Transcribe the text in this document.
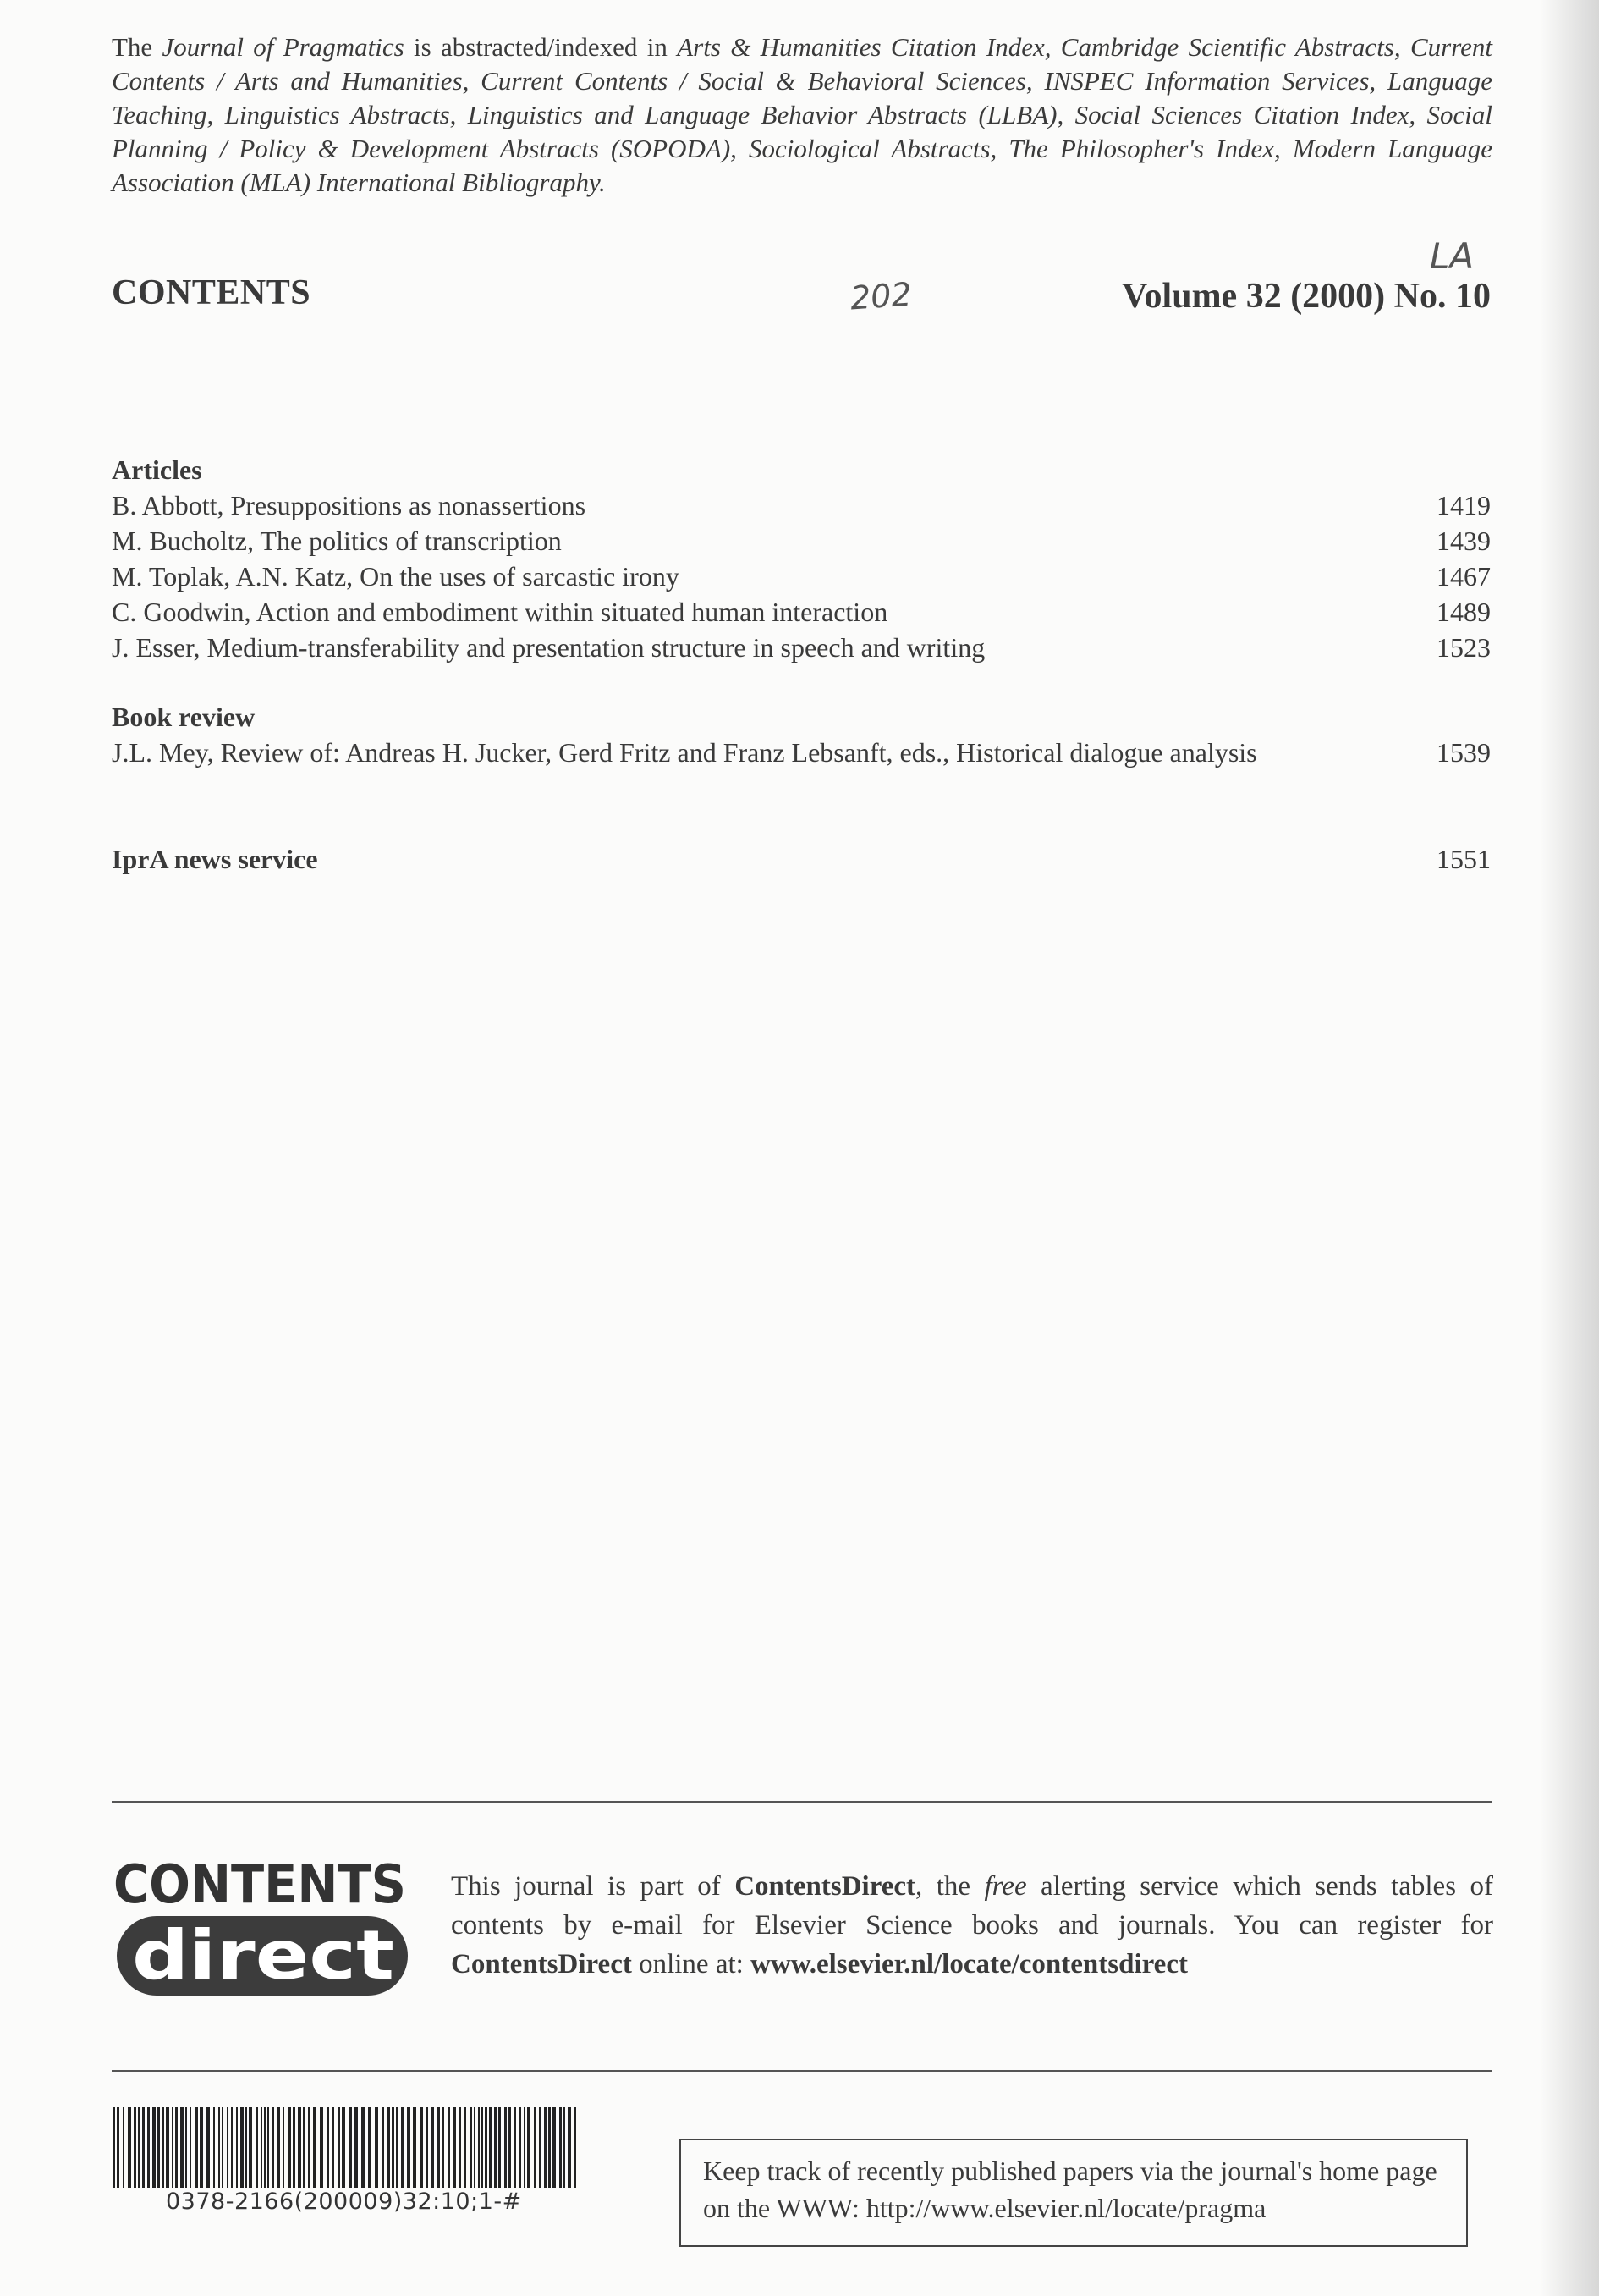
The Journal of Pragmatics is abstracted/indexed in Arts & Humanities Citation Index, Cambridge Scientific Abstracts, Current Contents / Arts and Humanities, Current Contents / Social & Behavioral Sciences, INSPEC Information Services, Language Teaching, Linguistics Abstracts, Linguistics and Language Behavior Abstracts (LLBA), Social Sciences Citation Index, Social Planning / Policy & Development Abstracts (SOPODA), Sociological Abstracts, The Philosopher's Index, Modern Language Association (MLA) International Bibliography.

CONTENTS	202
LA
Volume 32 (2000) No. 10
Articles
B. Abbott, Presuppositions as nonassertions	1419
M. Bucholtz, The politics of transcription	1439
M. Toplak, A.N. Katz, On the uses of sarcastic irony	1467
C. Goodwin, Action and embodiment within situated human interaction	1489
J. Esser, Medium-transferability and presentation structure in speech and writing	1523
Book review
J.L. Mey, Review of: Andreas H. Jucker, Gerd Fritz and Franz Lebsanft, eds., Historical dialogue analysis	1539
IprA news service	1551
CONTENTS
direct

This journal is part of ContentsDirect, the free alerting service which sends tables of contents by e-mail for Elsevier Science books and journals. You can register for ContentsDirect online at: www.elsevier.nl/locate/contentsdirect

0378-2166(200009)32:10;1-#
Keep track of recently published papers via the journal's home page on the WWW: http://www.elsevier.nl/locate/pragma
